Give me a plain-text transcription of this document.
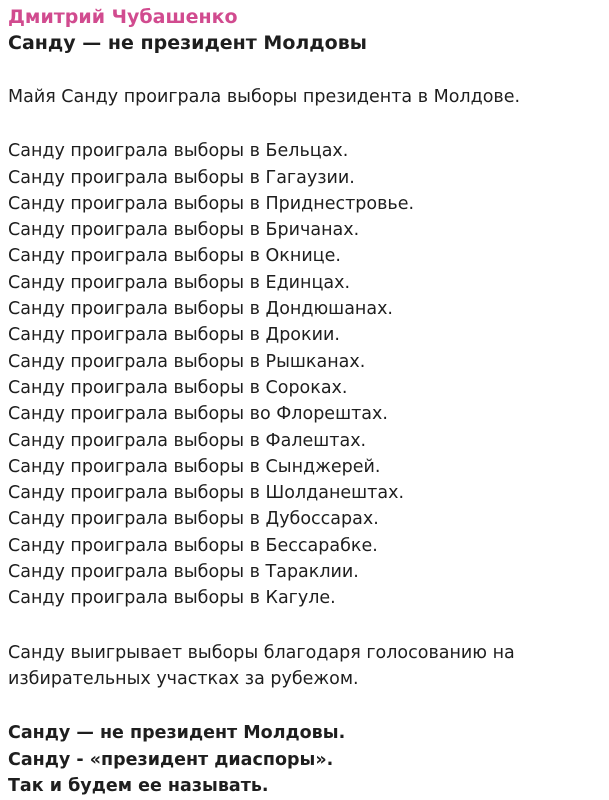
Дмитрий Чубашенко
Санду — не президент Молдовы
Майя Санду проиграла выборы президента в Молдове.
Санду проиграла выборы в Бельцах.
Санду проиграла выборы в Гагаузии.
Санду проиграла выборы в Приднестровье.
Санду проиграла выборы в Бричанах.
Санду проиграла выборы в Окнице.
Санду проиграла выборы в Единцах.
Санду проиграла выборы в Дондюшанах.
Санду проиграла выборы в Дрокии.
Санду проиграла выборы в Рышканах.
Санду проиграла выборы в Сороках.
Санду проиграла выборы во Флорештах.
Санду проиграла выборы в Фалештах.
Санду проиграла выборы в Сынджерей.
Санду проиграла выборы в Шолданештах.
Санду проиграла выборы в Дубоссарах.
Санду проиграла выборы в Бессарабке.
Санду проиграла выборы в Тараклии.
Санду проиграла выборы в Кагуле.
Санду выигрывает выборы благодаря голосованию на
избирательных участках за рубежом.
Санду — не президент Молдовы.
Санду - «президент диаспоры».
Так и будем ее называть.
